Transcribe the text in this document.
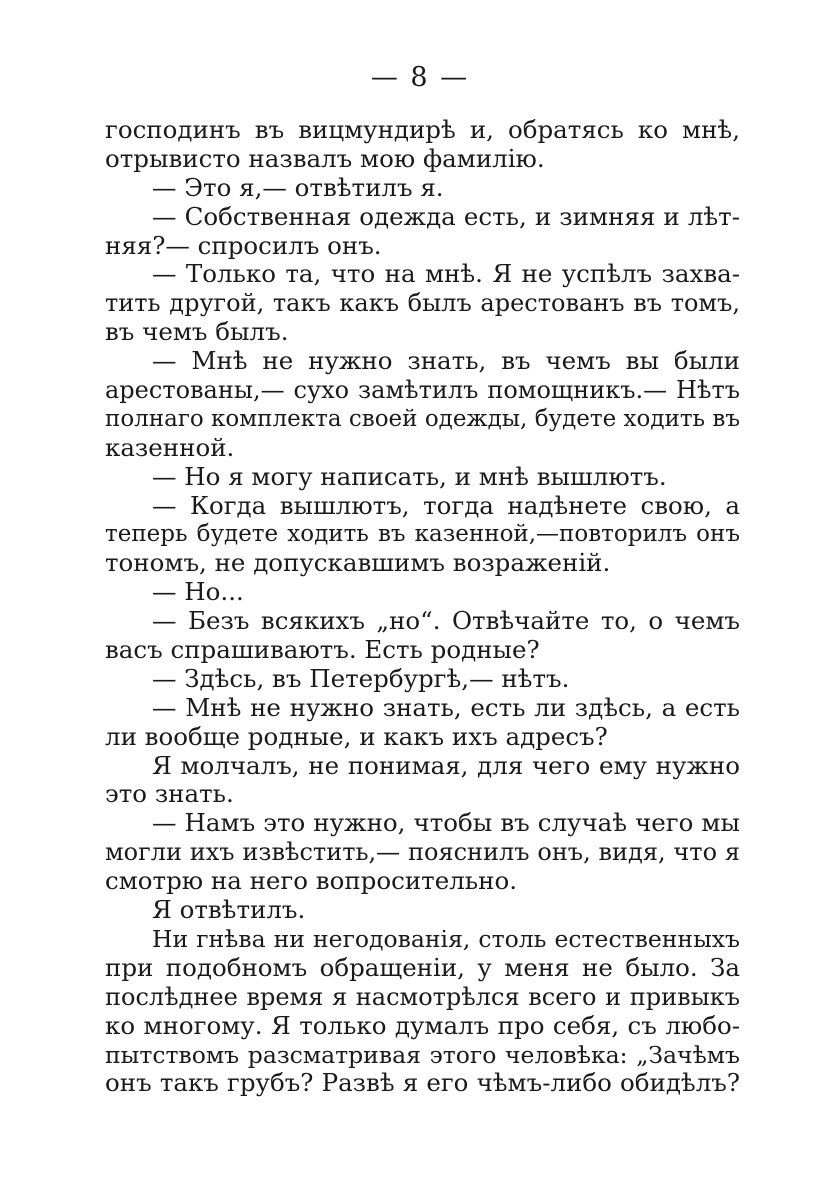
— 8 —
господинъ въ вицмундирѣ и, обратясь ко мнѣ,
отрывисто назвалъ мою фамилію.
— Это я,— отвѣтилъ я.
— Собственная одежда есть, и зимняя и лѣт-
няя?— спросилъ онъ.
— Только та, что на мнѣ. Я не успѣлъ захва-
тить другой, такъ какъ былъ арестованъ въ томъ,
въ чемъ былъ.
— Мнѣ не нужно знать, въ чемъ вы были
арестованы,— сухо замѣтилъ помощникъ.— Нѣтъ
полнаго комплекта своей одежды, будете ходить въ
казенной.
— Но я могу написать, и мнѣ вышлютъ.
— Когда вышлютъ, тогда надѣнете свою, а
теперь будете ходить въ казенной,—повторилъ онъ
тономъ, не допускавшимъ возраженій.
— Но...
— Безъ всякихъ „но“. Отвѣчайте то, о чемъ
васъ спрашиваютъ. Есть родные?
— Здѣсь, въ Петербургѣ,— нѣтъ.
— Мнѣ не нужно знать, есть ли здѣсь, а есть
ли вообще родные, и какъ ихъ адресъ?
Я молчалъ, не понимая, для чего ему нужно
это знать.
— Намъ это нужно, чтобы въ случаѣ чего мы
могли ихъ извѣстить,— пояснилъ онъ, видя, что я
смотрю на него вопросительно.
Я отвѣтилъ.
Ни гнѣва ни негодованія, столь естественныхъ
при подобномъ обращеніи, у меня не было. За
послѣднее время я насмотрѣлся всего и привыкъ
ко многому. Я только думалъ про себя, съ любо-
пытствомъ разсматривая этого человѣка: „Зачѣмъ
онъ такъ грубъ? Развѣ я его чѣмъ-либо обидѣлъ?
